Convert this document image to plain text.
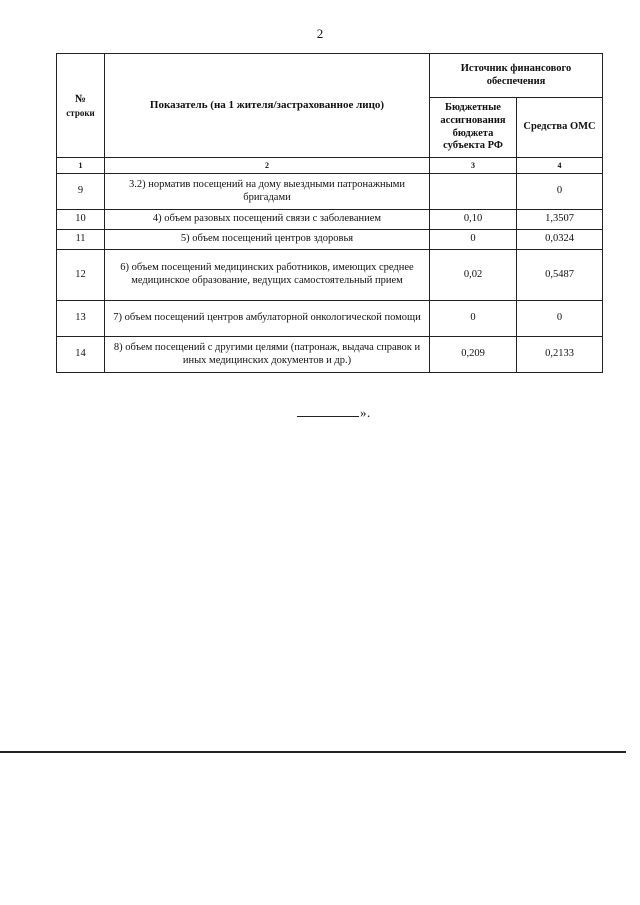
2
№
строки	Показатель (на 1 жителя/застрахованное лицо)	Источник финансового обеспечения	
		Бюджетные ассигнования бюджета субъекта РФ	Средства ОМС
1	2	3	4
9	3.2) норматив посещений на дому выездными патронажными бригадами		0
10	4) объем разовых посещений связи с заболеванием	0,10	1,3507
11	5) объем посещений центров здоровья	0	0,0324
12	6) объем посещений медицинских работников, имеющих среднее медицинское образование, ведущих самостоятельный прием	0,02	0,5487
13	7) объем посещений центров амбулаторной онкологической помощи	0	0
14	8) объем посещений с другими целями (патронаж, выдача справок и иных медицинских документов и др.)	0,209	0,2133
».
